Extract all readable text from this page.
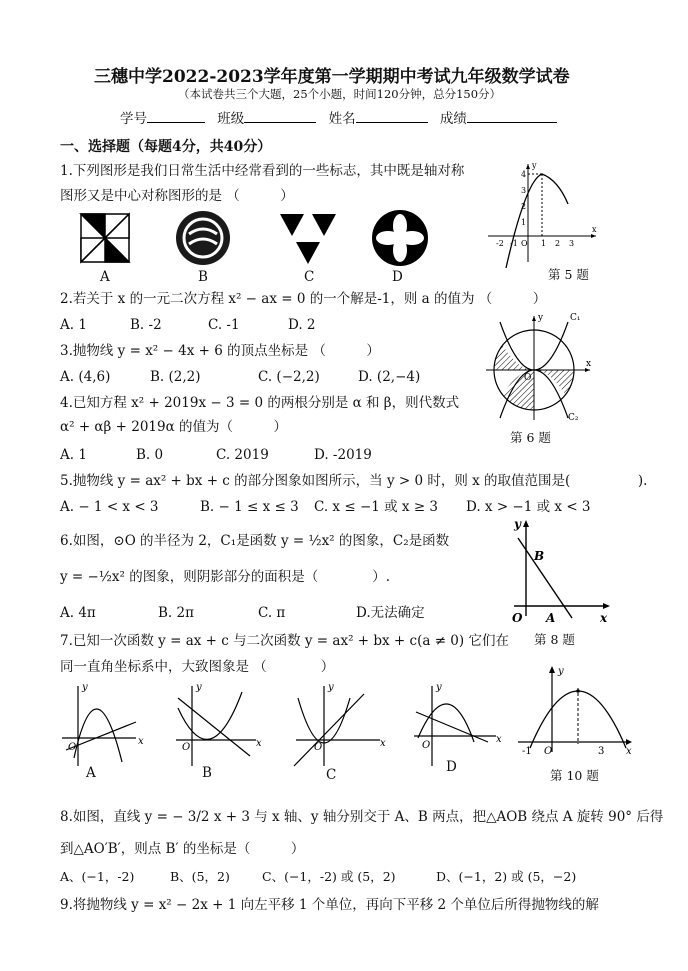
三穗中学2022-2023学年度第一学期期中考试九年级数学试卷
（本试卷共三个大题，25个小题，时间120分钟，总分150分）
学号	班级	姓名	成绩
一、选择题（每题4分，共40分）
1.下列图形是我们日常生活中经常看到的一些标志，其中既是轴对称
图形又是中心对称图形的是 （　　　）
A	B	C	D
-2 -1 O 1 2 3
x
y
4
3
2
1
第 5 题
2.若关于 x 的一元二次方程 x² − ax = 0 的一个解是-1，则 a 的值为 （　　　）
A. 1	B. -2	C. -1	D. 2
3.抛物线 y = x² − 4x + 6 的顶点坐标是 （　　　）
A. (4,6)	B. (2,2)	C. (−2,2)	D. (2,−4)
C₁
C₂
O
x
y
第 6 题
4.已知方程 x² + 2019x − 3 = 0 的两根分别是 α 和 β，则代数式
α² + αβ + 2019α 的值为（　　　）
A. 1	B. 0	C. 2019	D. -2019
5.抛物线 y = ax² + bx + c 的部分图象如图所示，当 y > 0 时，则 x 的取值范围是(　　　　　).
A. − 1 < x < 3	B. − 1 ≤ x ≤ 3 C. x ≤ −1 或 x ≥ 3 D. x > −1 或 x < 3
6.如图，⊙O 的半径为 2，C₁是函数 y = ½x² 的图象，C₂是函数
y = −½x² 的图象，则阴影部分的面积是（　　　　）.
A. 4π	B. 2π	C. π	D.无法确定
y
B
O A	x
第 8 题
7.已知一次函数 y = ax + c 与二次函数 y = ax² + bx + c(a ≠ 0) 它们在
同一直角坐标系中，大致图象是 （　　　　）
y
O
x
y
O	x
y
O	x
y
O
x
A	B	C	D
-1 O	3 x
y
第 10 题
8.如图，直线 y = − 3/2 x + 3 与 x 轴、y 轴分别交于 A、B 两点，把△AOB 绕点 A 旋转 90° 后得
到△AO′B′，则点 B′ 的坐标是（　　　）
A、(−1，-2)	B、(5，2)	C、(−1，-2) 或 (5，2)	D、(−1，2) 或 (5，−2)
9.将抛物线 y = x² − 2x + 1 向左平移 1 个单位，再向下平移 2 个单位后所得抛物线的解
